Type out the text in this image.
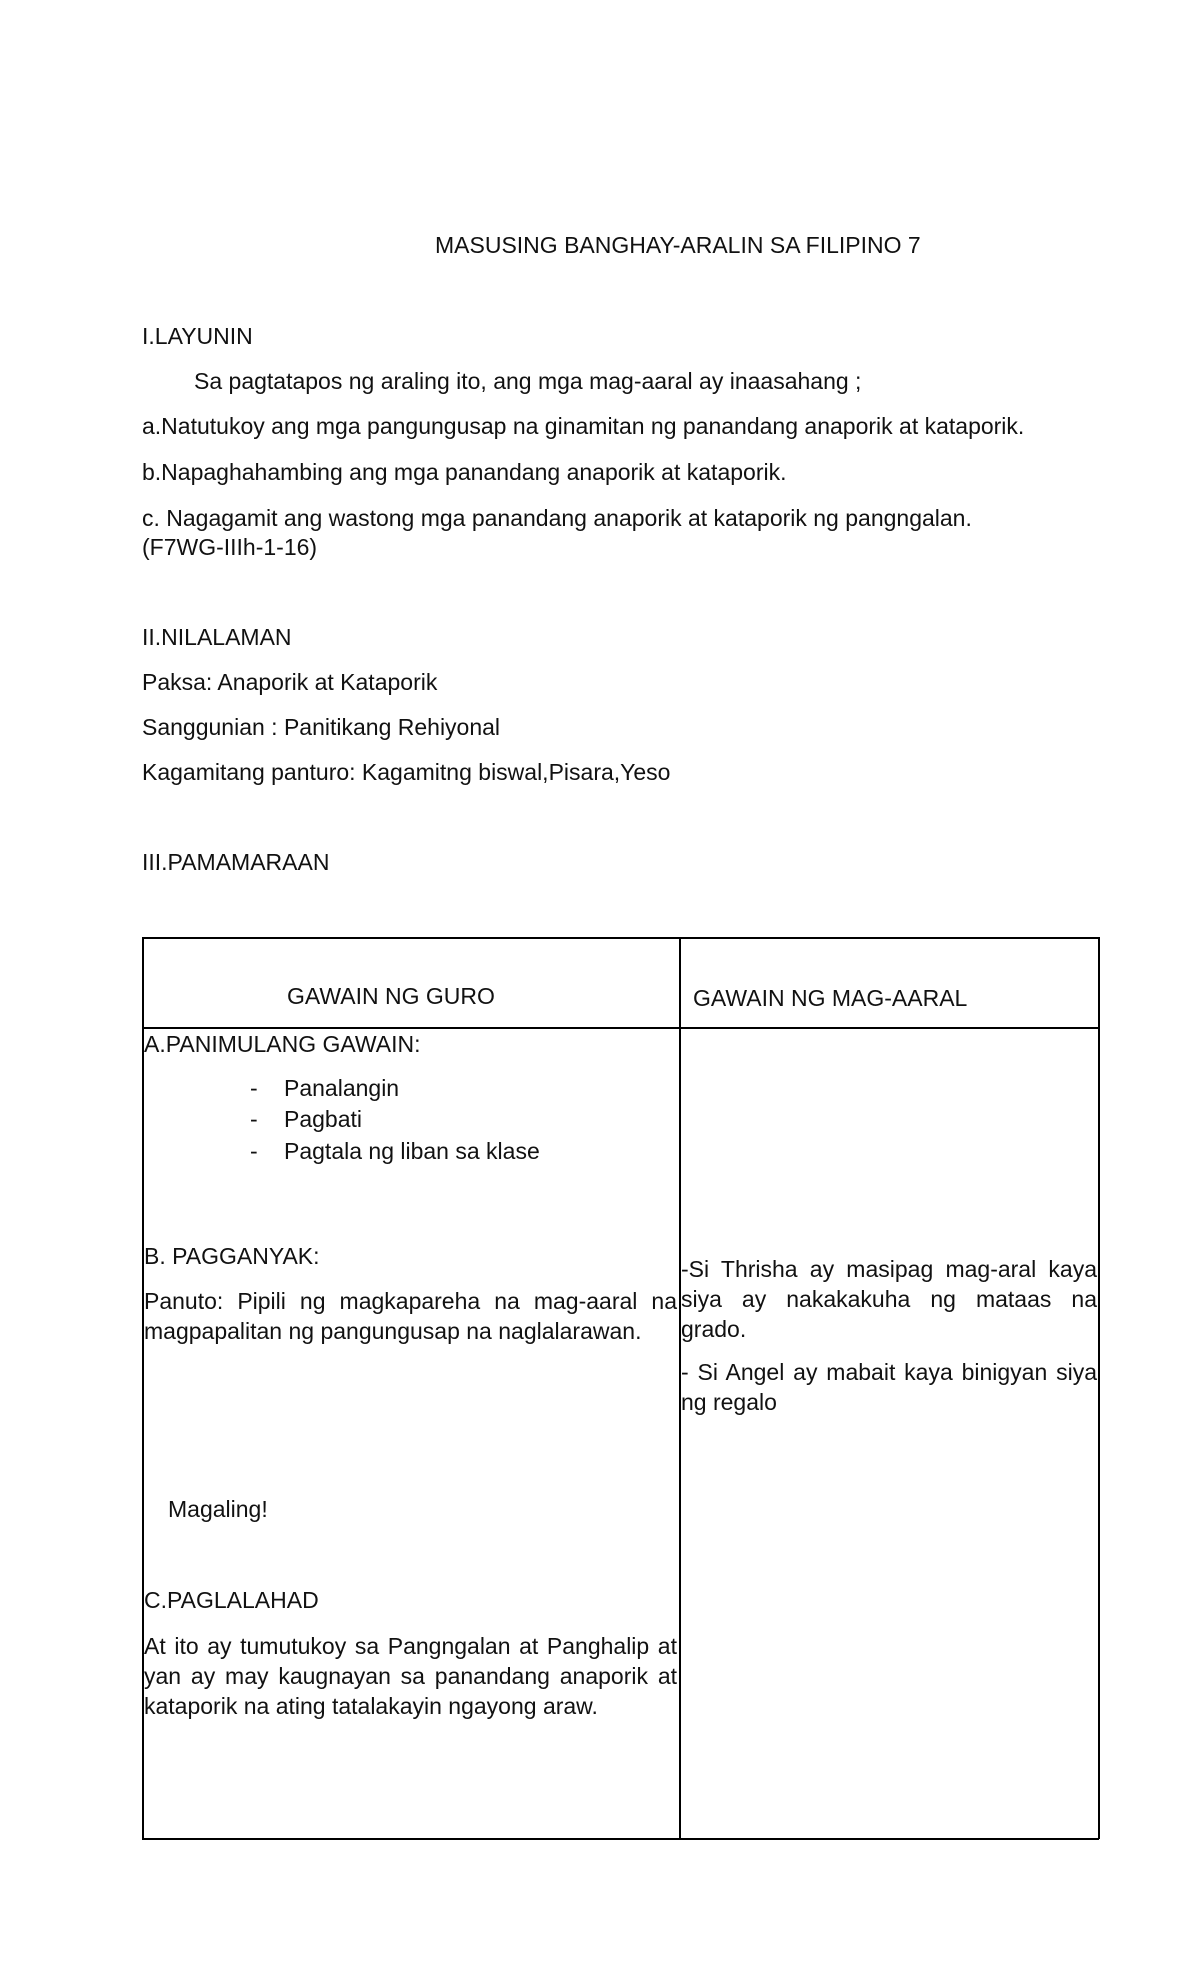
MASUSING BANGHAY-ARALIN SA FILIPINO 7
I.LAYUNIN
Sa pagtatapos ng araling ito, ang mga mag-aaral ay inaasahang ;
a.Natutukoy ang mga pangungusap na ginamitan ng panandang anaporik at kataporik.
b.Napaghahambing ang mga panandang anaporik at kataporik.
c. Nagagamit ang wastong mga panandang anaporik at kataporik ng pangngalan.
(F7WG-IIIh-1-16)
II.NILALAMAN
Paksa: Anaporik at Kataporik
Sanggunian : Panitikang Rehiyonal
Kagamitang panturo: Kagamitng biswal,Pisara,Yeso
III.PAMAMARAAN
GAWAIN NG GURO	GAWAIN NG MAG-AARAL
A.PANIMULANG GAWAIN:
- Panalangin
- Pagbati
- Pagtala ng liban sa klase
B. PAGGANYAK:
Panuto: Pipili ng magkapareha na mag-aaral na magpapalitan ng pangungusap na naglalarawan.
Magaling!
C.PAGLALAHAD
At ito ay tumutukoy sa Pangngalan at Panghalip at yan ay may kaugnayan sa panandang anaporik at kataporik na ating tatalakayin ngayong araw.
-Si Thrisha ay masipag mag-aral kaya siya ay nakakakuha ng mataas na grado.
- Si Angel ay mabait kaya binigyan siya ng regalo
